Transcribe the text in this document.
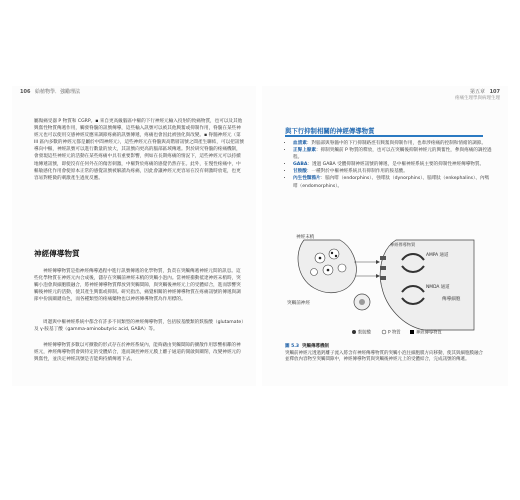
106 給植物學．強勵理法	第五章 107
疼痛生理學與病理生理
屬傷痛受器 P 物質和 CGRP。▪ 來自更高級腦區中樞的下行神經元輸入投射的致痛物質，也可以及其他興奮性物質傳遞作用，觸發脊髓的訊號傳導，這些輸入訊號可以被其他興奮或抑制作用，脊髓在某些神經元也可以使用交感神經反應來調節疼痛的訊號傳遞，疼痛也會因此被強化與改變。▪ 脊髓神經元（第 III 區內多數的神經元都是屬於中間神經元），這些神經元在脊髓與高階層訊號之間產生聯結，可以把訊號導向中樞，神經訊號可以進行數量的放大，其訊號向更高的腦部區域傳遞。對於研究脊髓的疼痛機制，會發現這些神經元的活動在某些疼痛中具有重要影響，例如在長期疼痛的情況下，這些神經元可以持續地傳遞訊號，即使沒有任何外在的傷害刺激，中樞對於疼痛的感覺仍然存在。此外，在慢性疼痛中，中樞敏感化作用會使原本正常的感覺訊號被解讀為疼痛，因此會讓神經元更容易在沒有刺激時放電，也更容易對輕微的刺激產生過度反應。
神經傳導物質
神經傳導物質是指神經傳導過程中進行訊號傳遞的化學物質，負責在突觸傳遞神經元間的訊息。這些化學物質在神經元內合成後，儲存在突觸前神經末梢的突觸小泡內。當神經衝動抵達神經末梢時，突觸小泡會與細胞膜融合，將神經傳導物質釋放到突觸間隙，與突觸後神經元上的受體結合，進而影響突觸後神經元的活動，使其產生興奮或抑制。研究指出，痛覺相關的神經傳導物質在疼痛訊號的傳遞與調節中扮演關鍵角色，而各種類型的疼痛藥物也以神經傳導物質為作用標的。
周邊與中樞神經系統中都含有許多不同類型的神經傳導物質，包括胺基酸類的麩胺酸（glutamate）及 γ-胺基丁酸（gamma-aminobutyric acid, GABA）等。
神經傳導物質多數以可擴散的形式存在於神經系統內，能夠藉由突觸間隙的擴散作用影響相鄰的神經元，神經傳導物質會與特定的受體結合，進而調控神經元膜上離子通道的開啟與關閉，改變神經元的興奮性，並決定神經訊號是否能夠持續傳遞下去。
與下行抑制相關的神經傳導物質
• 血清素：對腦部與脊髓中的下行抑制路徑有興奮與抑制作用，也牽涉疼痛的控制和情緒的調節。
• 正腎上腺素：抑制突觸前 P 物質的釋放，也可以在突觸後抑制神經元的興奮性，參與疼痛的調控過程。
• GABA：透過 GABA 受體抑制神經訊號的傳遞，是中樞神經系統主要的抑制性神經傳導物質。
• 甘胺酸：一種對於中樞神經系統具有抑制作用的胺基酸。
• 內生性類鴉片：腦內啡（endorphins）、強啡肽（dynorphins）、腦啡肽（enkephalins）、內嗎啡（endomorphins）。
神經末梢
突觸前神經
傳導細胞
AMPA 通道
NMDA 通道
神經傳導物質
麩胺酸	P 物質	神經傳導物質
圖 5.3 突觸傳導機制
突觸前神經元透過鈣離子流入將含有神經傳導物質的突觸小泡往細胞膜方向移動，使其與細胞膜融合並釋放內容物至突觸間隙中，神經傳導物質與突觸後神經元上的受體結合，完成訊號的傳遞。
